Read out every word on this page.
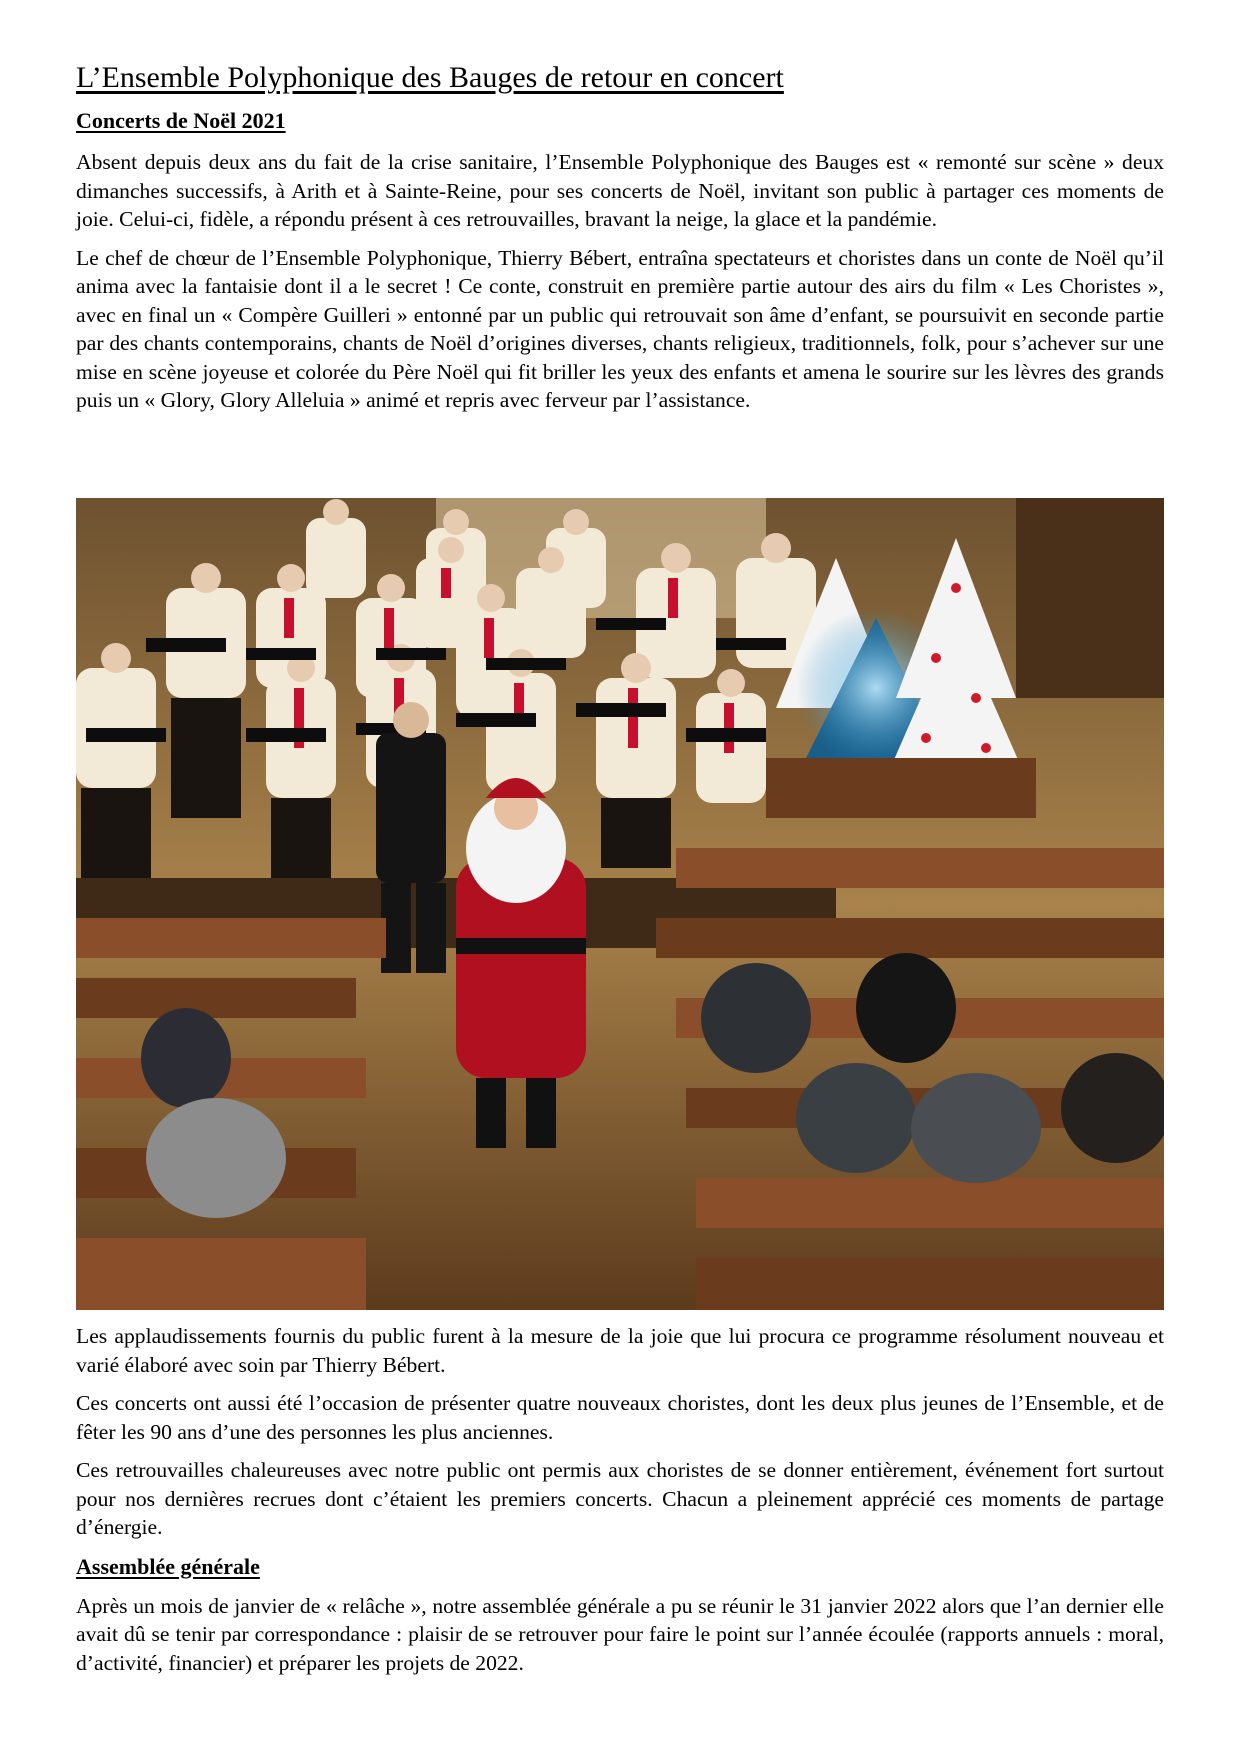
L’Ensemble Polyphonique des Bauges de retour en concert
Concerts de Noël 2021

Absent depuis deux ans du fait de la crise sanitaire, l’Ensemble Polyphonique des Bauges est « remonté sur scène » deux dimanches successifs, à Arith et à Sainte-Reine, pour ses concerts de Noël, invitant son public à partager ces moments de joie. Celui-ci, fidèle, a répondu présent à ces retrouvailles, bravant la neige, la glace et la pandémie.

Le chef de chœur de l’Ensemble Polyphonique, Thierry Bébert, entraîna spectateurs et choristes dans un conte de Noël qu’il anima avec la fantaisie dont il a le secret ! Ce conte, construit en première partie autour des airs du film « Les Choristes », avec en final un « Compère Guilleri » entonné par un public qui retrouvait son âme d’enfant, se poursuivit en seconde partie par des chants contemporains, chants de Noël d’origines diverses, chants religieux, traditionnels, folk, pour s’achever sur une mise en scène joyeuse et colorée du Père Noël qui fit briller les yeux des enfants et amena le sourire sur les lèvres des grands puis un « Glory, Glory Alleluia » animé et repris avec ferveur par l’assistance.

Les applaudissements fournis du public furent à la mesure de la joie que lui procura ce programme résolument nouveau et varié élaboré avec soin par Thierry Bébert.

Ces concerts ont aussi été l’occasion de présenter quatre nouveaux choristes, dont les deux plus jeunes de l’Ensemble, et de fêter les 90 ans d’une des personnes les plus anciennes.

Ces retrouvailles chaleureuses avec notre public ont permis aux choristes de se donner entièrement, événement fort surtout pour nos dernières recrues dont c’étaient les premiers concerts. Chacun a pleinement apprécié ces moments de partage d’énergie.

Assemblée générale

Après un mois de janvier de « relâche », notre assemblée générale a pu se réunir le 31 janvier 2022 alors que l’an dernier elle avait dû se tenir par correspondance : plaisir de se retrouver pour faire le point sur l’année écoulée (rapports annuels : moral, d’activité, financier) et préparer les projets de 2022.
